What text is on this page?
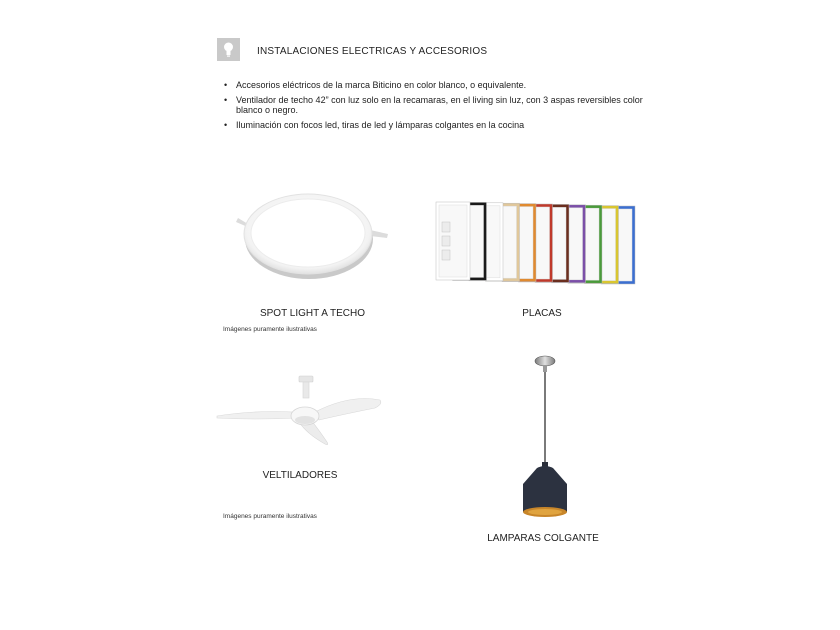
INSTALACIONES ELECTRICAS Y ACCESORIOS
• Accesorios eléctricos de la marca Biticino en color blanco, o equivalente.
• Ventilador de techo 42” con luz solo en la recamaras, en el living sin luz, con 3 aspas reversibles color blanco o negro.
• Iluminación con focos led, tiras de led y lámparas colgantes en la cocina
SPOT LIGHT A TECHO
Imágenes puramente ilustrativas
PLACAS
VELTILADORES
Imágenes puramente ilustrativas
LAMPARAS COLGANTE
